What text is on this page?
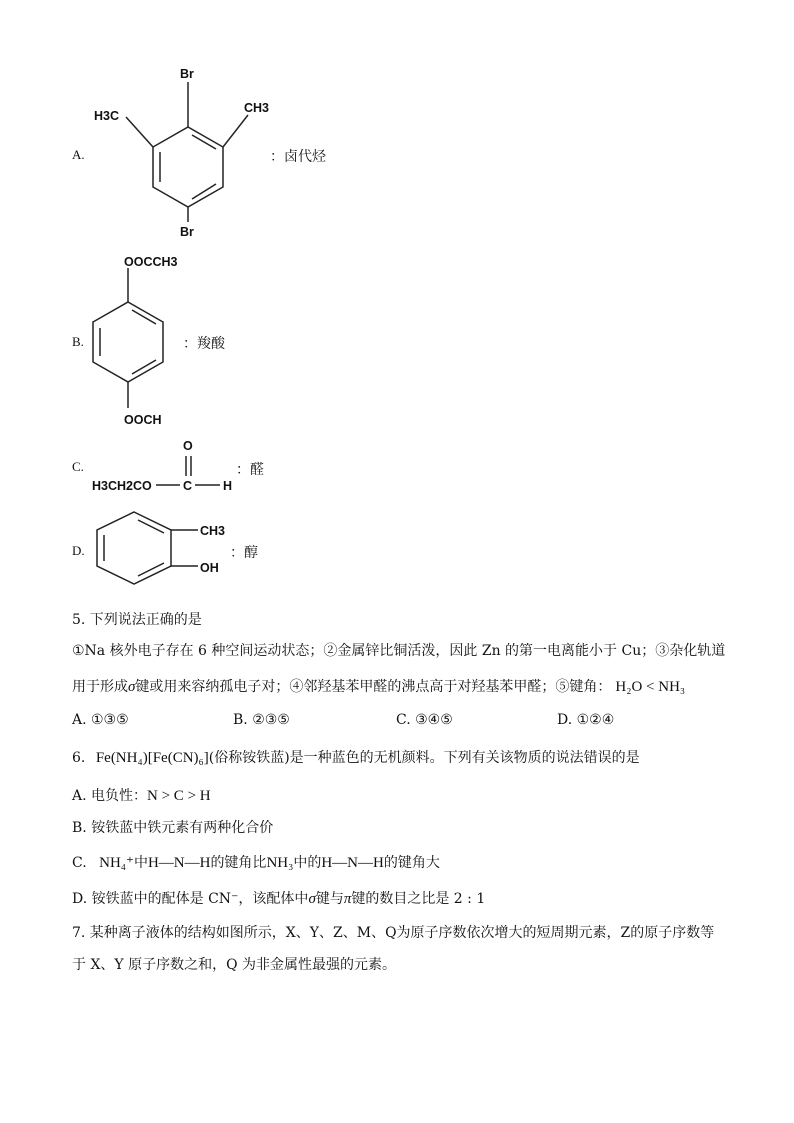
A.
Br
Br
CH3
H3C
：卤代烃
B.
OOCCH3
OOCH
：羧酸
C.
H3CH2CO	C H
O
：醛
D.
CH3
OH
：醇
5. 下列说法正确的是
①Na 核外电子存在 6 种空间运动状态；②金属锌比铜活泼，因此 Zn 的第一电离能小于 Cu；③杂化轨道
用于形成σ键或用来容纳孤电子对；④邻羟基苯甲醛的沸点高于对羟基苯甲醛；⑤键角： H₂O < NH₃
A. ①③⑤	B. ②③⑤	C. ③④⑤	D. ①②④
6. Fe(NH₄)[Fe(CN)₆](俗称铵铁蓝)是一种蓝色的无机颜料。下列有关该物质的说法错误的是
A. 电负性：N > C > H
B. 铵铁蓝中铁元素有两种化合价
C. NH₄⁺中H—N—H的键角比NH₃中的H—N—H的键角大
D. 铵铁蓝中的配体是 CN⁻，该配体中σ键与π键的数目之比是 2 : 1
7. 某种离子液体的结构如图所示，X、Y、Z、M、Q为原子序数依次增大的短周期元素，Z的原子序数等
于 X、Y 原子序数之和，Q 为非金属性最强的元素。
